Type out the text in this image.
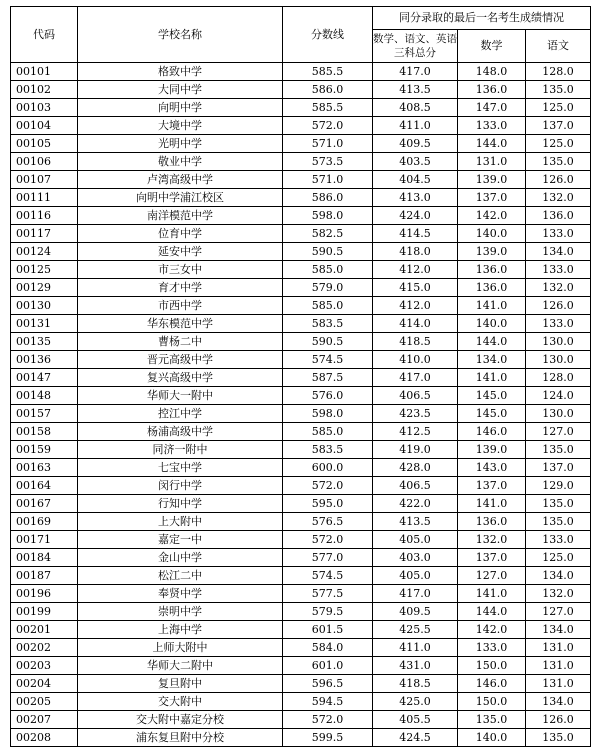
代码	学校名称	分数线	同分录取的最后一名考生成绩情况		
			数学、语文、英语三科总分	数学	语文
00101	格致中学	585.5	417.0	148.0	128.0
00102	大同中学	586.0	413.5	136.0	135.0
00103	向明中学	585.5	408.5	147.0	125.0
00104	大境中学	572.0	411.0	133.0	137.0
00105	光明中学	571.0	409.5	144.0	125.0
00106	敬业中学	573.5	403.5	131.0	135.0
00107	卢湾高级中学	571.0	404.5	139.0	126.0
00111	向明中学浦江校区	586.0	413.0	137.0	132.0
00116	南洋模范中学	598.0	424.0	142.0	136.0
00117	位育中学	582.5	414.5	140.0	133.0
00124	延安中学	590.5	418.0	139.0	134.0
00125	市三女中	585.0	412.0	136.0	133.0
00129	育才中学	579.0	415.0	136.0	132.0
00130	市西中学	585.0	412.0	141.0	126.0
00131	华东模范中学	583.5	414.0	140.0	133.0
00135	曹杨二中	590.5	418.5	144.0	130.0
00136	晋元高级中学	574.5	410.0	134.0	130.0
00147	复兴高级中学	587.5	417.0	141.0	128.0
00148	华师大一附中	576.0	406.5	145.0	124.0
00157	控江中学	598.0	423.5	145.0	130.0
00158	杨浦高级中学	585.0	412.5	146.0	127.0
00159	同济一附中	583.5	419.0	139.0	135.0
00163	七宝中学	600.0	428.0	143.0	137.0
00164	闵行中学	572.0	406.5	137.0	129.0
00167	行知中学	595.0	422.0	141.0	135.0
00169	上大附中	576.5	413.5	136.0	135.0
00171	嘉定一中	572.0	405.0	132.0	133.0
00184	金山中学	577.0	403.0	137.0	125.0
00187	松江二中	574.5	405.0	127.0	134.0
00196	奉贤中学	577.5	417.0	141.0	132.0
00199	崇明中学	579.5	409.5	144.0	127.0
00201	上海中学	601.5	425.5	142.0	134.0
00202	上师大附中	584.0	411.0	133.0	131.0
00203	华师大二附中	601.0	431.0	150.0	131.0
00204	复旦附中	596.5	418.5	146.0	131.0
00205	交大附中	594.5	425.0	150.0	134.0
00207	交大附中嘉定分校	572.0	405.5	135.0	126.0
00208	浦东复旦附中分校	599.5	424.5	140.0	135.0
